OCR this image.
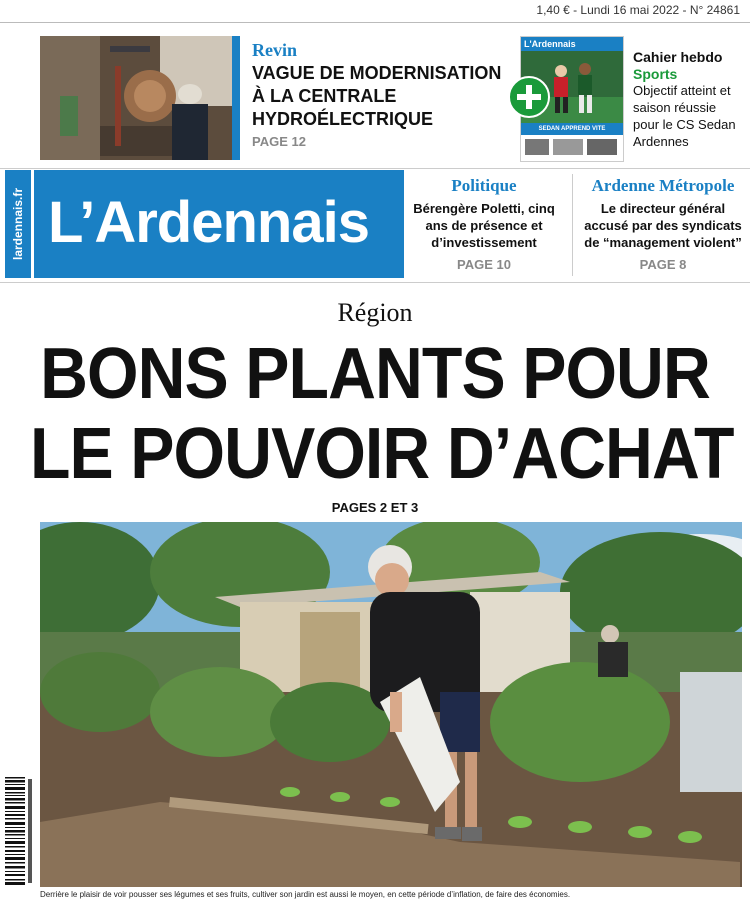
1,40 € - Lundi 16 mai 2022 - N° 24861
Revin
VAGUE DE MODERNISATION À LA CENTRALE HYDROÉLECTRIQUE
PAGE 12
L'Ardennais
SEDAN APPREND VITE
Cahier hebdo
Sports
Objectif atteint et saison réussie pour le CS Sedan Ardennes
lardennais.fr L’Ardennais
Politique
Bérengère Poletti, cinq ans de présence et d’investissement
PAGE 10
Ardenne Métropole
Le directeur général accusé par des syndicats de “management violent”
PAGE 8
Région
BONS PLANTS POUR
LE POUVOIR D’ACHAT
PAGES 2 ET 3
Derrière le plaisir de voir pousser ses légumes et ses fruits, cultiver son jardin est aussi le moyen, en cette période d’inflation, de faire des économies.
